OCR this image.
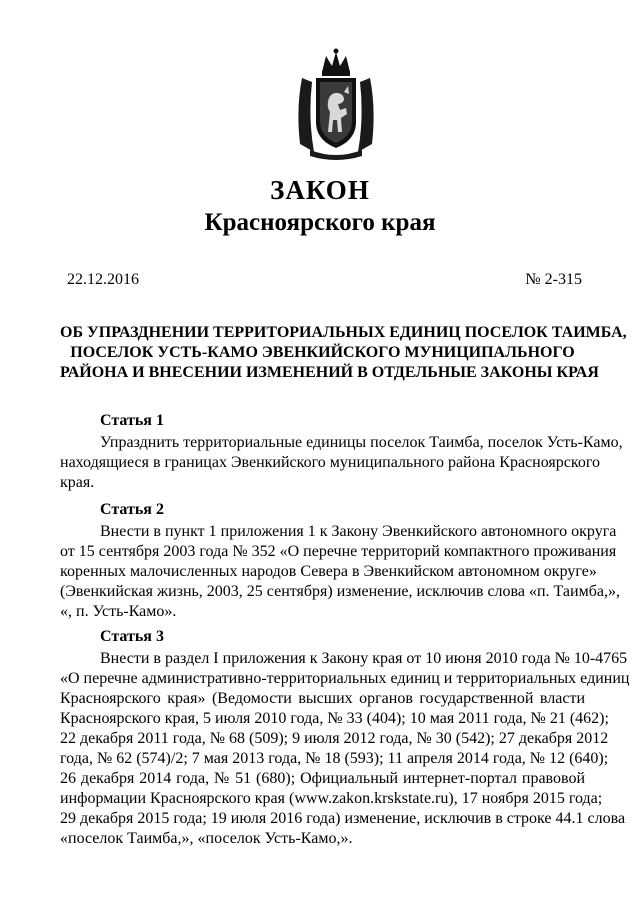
ЗАКОН
Красноярского края
22.12.2016	№ 2-315
ОБ УПРАЗДНЕНИИ ТЕРРИТОРИАЛЬНЫХ ЕДИНИЦ ПОСЕЛОК ТАИМБА,
ПОСЕЛОК УСТЬ-КАМО ЭВЕНКИЙСКОГО МУНИЦИПАЛЬНОГО
РАЙОНА И ВНЕСЕНИИ ИЗМЕНЕНИЙ В ОТДЕЛЬНЫЕ ЗАКОНЫ КРАЯ

Статья 1

Упразднить территориальные единицы поселок Таимба, поселок Усть-Камо,
находящиеся в границах Эвенкийского муниципального района Красноярского
края.

Статья 2

Внести в пункт 1 приложения 1 к Закону Эвенкийского автономного округа
от 15 сентября 2003 года № 352 «О перечне территорий компактного проживания
коренных малочисленных народов Севера в Эвенкийском автономном округе»
(Эвенкийская жизнь, 2003, 25 сентября) изменение, исключив слова «п. Таимба,»,
«, п. Усть-Камо».

Статья 3

Внести в раздел I приложения к Закону края от 10 июня 2010 года № 10-4765
«О перечне административно-территориальных единиц и территориальных единиц
Красноярского края» (Ведомости высших органов государственной власти
Красноярского края, 5 июля 2010 года, № 33 (404); 10 мая 2011 года, № 21 (462);
22 декабря 2011 года, № 68 (509); 9 июля 2012 года, № 30 (542); 27 декабря 2012
года, № 62 (574)/2; 7 мая 2013 года, № 18 (593); 11 апреля 2014 года, № 12 (640);
26 декабря 2014 года, № 51 (680); Официальный интернет-портал правовой
информации Красноярского края (www.zakon.krskstate.ru), 17 ноября 2015 года;
29 декабря 2015 года; 19 июля 2016 года) изменение, исключив в строке 44.1 слова
«поселок Таимба,», «поселок Усть-Камо,».
